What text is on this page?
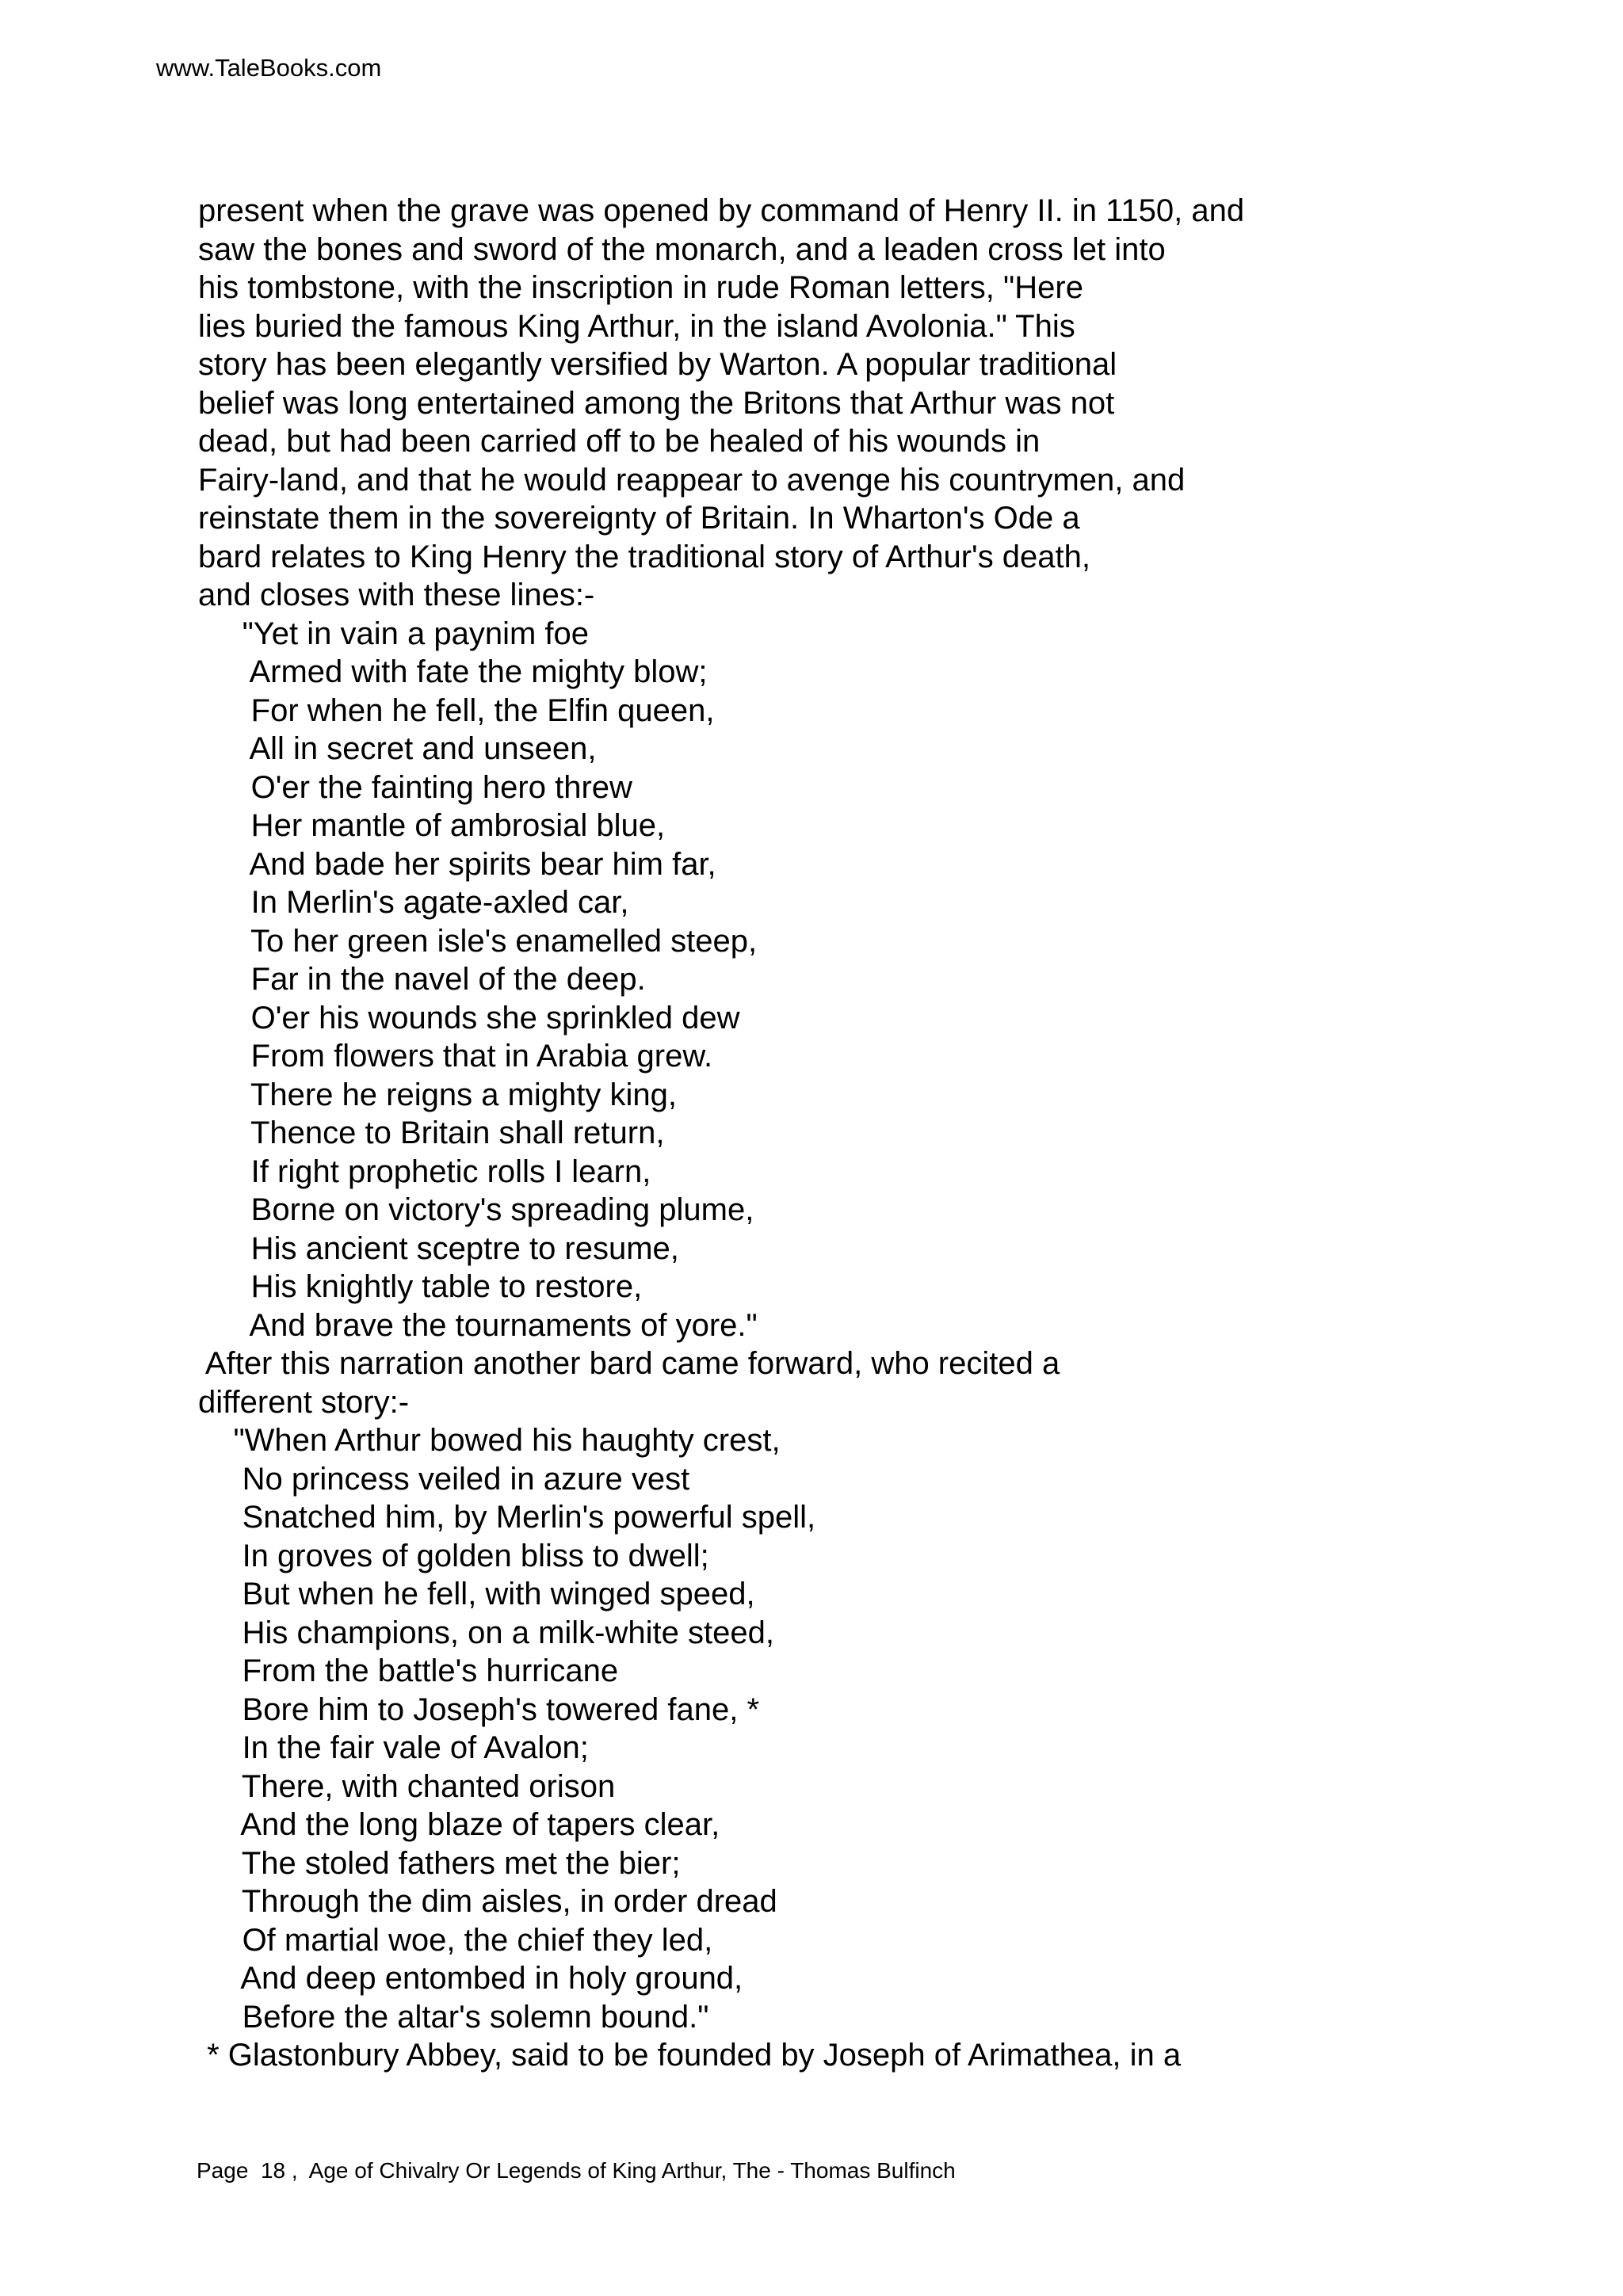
www.TaleBooks.com
present when the grave was opened by command of Henry II. in 1150, and
saw the bones and sword of the monarch, and a leaden cross let into
his tombstone, with the inscription in rude Roman letters, "Here
lies buried the famous King Arthur, in the island Avolonia." This
story has been elegantly versified by Warton. A popular traditional
belief was long entertained among the Britons that Arthur was not
dead, but had been carried off to be healed of his wounds in
Fairy-land, and that he would reappear to avenge his countrymen, and
reinstate them in the sovereignty of Britain. In Wharton's Ode a
bard relates to King Henry the traditional story of Arthur's death,
and closes with these lines:-
"Yet in vain a paynim foe
Armed with fate the mighty blow;
For when he fell, the Elfin queen,
All in secret and unseen,
O'er the fainting hero threw
Her mantle of ambrosial blue,
And bade her spirits bear him far,
In Merlin's agate-axled car,
To her green isle's enamelled steep,
Far in the navel of the deep.
O'er his wounds she sprinkled dew
From flowers that in Arabia grew.
There he reigns a mighty king,
Thence to Britain shall return,
If right prophetic rolls I learn,
Borne on victory's spreading plume,
His ancient sceptre to resume,
His knightly table to restore,
And brave the tournaments of yore."
After this narration another bard came forward, who recited a
different story:-
"When Arthur bowed his haughty crest,
No princess veiled in azure vest
Snatched him, by Merlin's powerful spell,
In groves of golden bliss to dwell;
But when he fell, with winged speed,
His champions, on a milk-white steed,
From the battle's hurricane
Bore him to Joseph's towered fane, *
In the fair vale of Avalon;
There, with chanted orison
And the long blaze of tapers clear,
The stoled fathers met the bier;
Through the dim aisles, in order dread
Of martial woe, the chief they led,
And deep entombed in holy ground,
Before the altar's solemn bound."
* Glastonbury Abbey, said to be founded by Joseph of Arimathea, in a
Page  18 ,  Age of Chivalry Or Legends of King Arthur, The - Thomas Bulfinch
